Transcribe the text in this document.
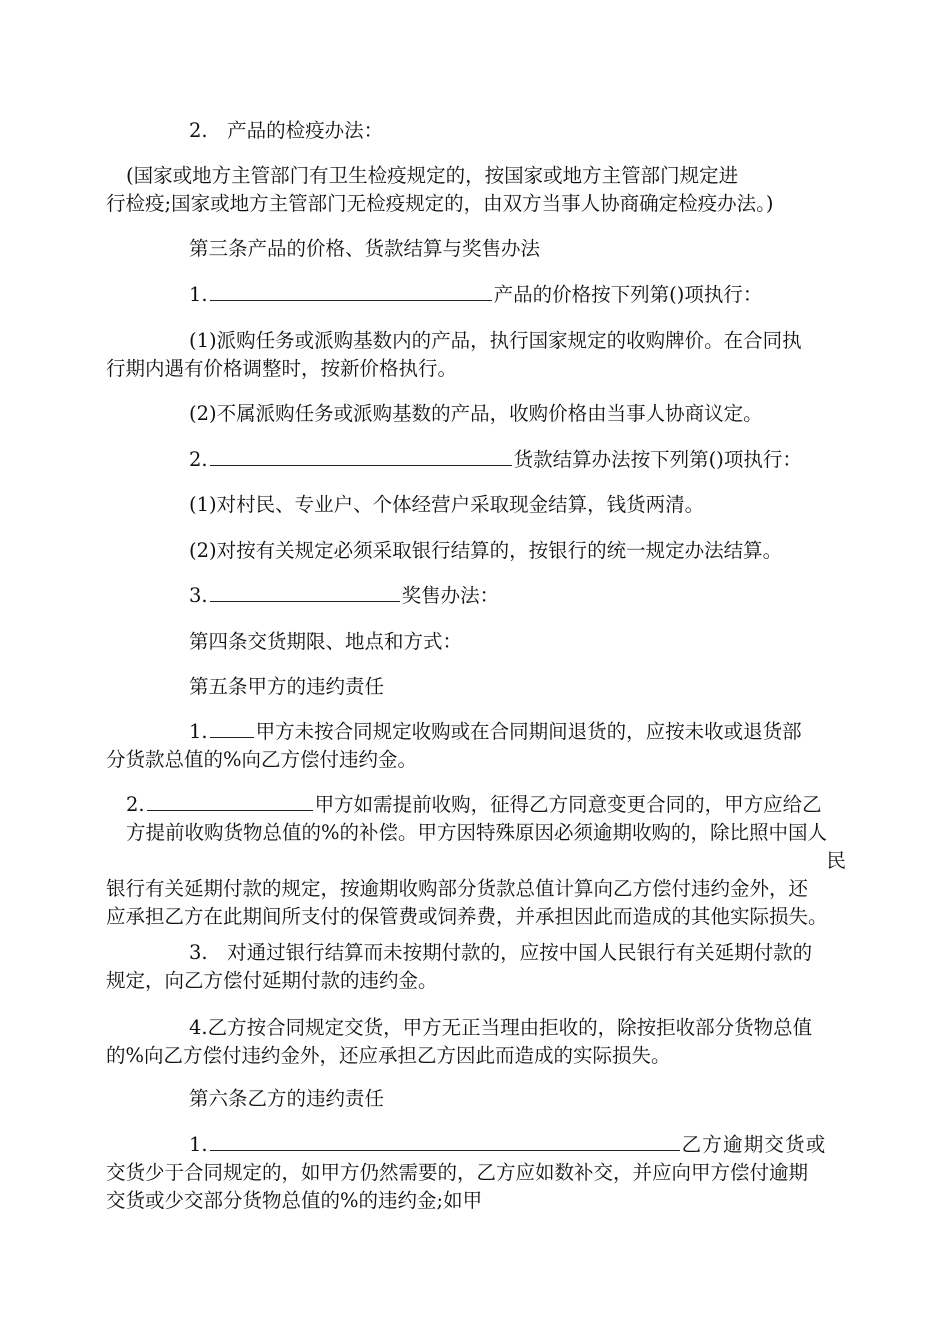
2.　产品的检疫办法：
(国家或地方主管部门有卫生检疫规定的，按国家或地方主管部门规定进
行检疫;国家或地方主管部门无检疫规定的，由双方当事人协商确定检疫办法。)
第三条产品的价格、货款结算与奖售办法
1.	产品的价格按下列第()项执行：
(1)派购任务或派购基数内的产品，执行国家规定的收购牌价。在合同执
行期内遇有价格调整时，按新价格执行。
(2)不属派购任务或派购基数的产品，收购价格由当事人协商议定。
2.	货款结算办法按下列第()项执行：
(1)对村民、专业户、个体经营户采取现金结算，钱货两清。
(2)对按有关规定必须采取银行结算的，按银行的统一规定办法结算。
3.	奖售办法：
第四条交货期限、地点和方式：
第五条甲方的违约责任
1. 甲方未按合同规定收购或在合同期间退货的，应按未收或退货部
分货款总值的%向乙方偿付违约金。
2.	甲方如需提前收购，征得乙方同意变更合同的，甲方应给乙
方提前收购货物总值的%的补偿。甲方因特殊原因必须逾期收购的，除比照中国人
民
银行有关延期付款的规定，按逾期收购部分货款总值计算向乙方偿付违约金外，还
应承担乙方在此期间所支付的保管费或饲养费，并承担因此而造成的其他实际损失。
3.　对通过银行结算而未按期付款的，应按中国人民银行有关延期付款的
规定，向乙方偿付延期付款的违约金。
4.乙方按合同规定交货，甲方无正当理由拒收的，除按拒收部分货物总值
的%向乙方偿付违约金外，还应承担乙方因此而造成的实际损失。
第六条乙方的违约责任
1.	乙方逾期交货或
交货少于合同规定的，如甲方仍然需要的，乙方应如数补交，并应向甲方偿付逾期
交货或少交部分货物总值的%的违约金;如甲
